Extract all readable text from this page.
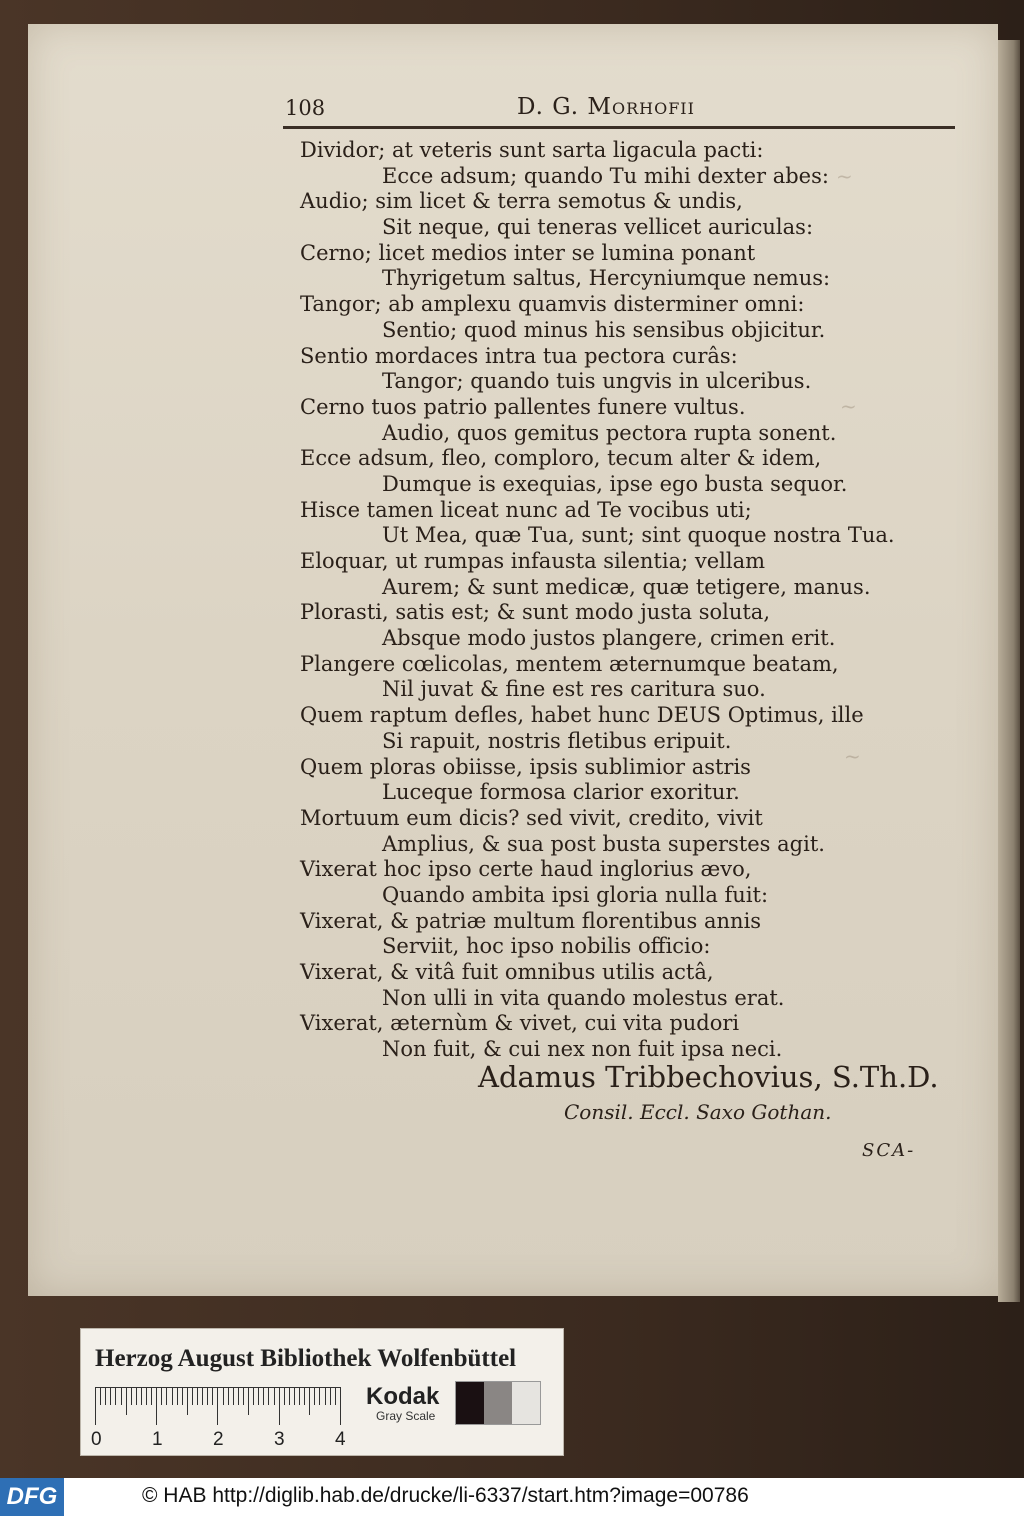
~
~
~
108	D. G. Morhofii
Dividor; at veteris sunt sarta ligacula pacti:
Ecce adsum; quando Tu mihi dexter abes:
Audio; sim licet & terra semotus & undis,
Sit neque, qui teneras vellicet auriculas:
Cerno; licet medios inter se lumina ponant
Thyrigetum saltus, Hercyniumque nemus:
Tangor; ab amplexu quamvis disterminer omni:
Sentio; quod minus his sensibus objicitur.
Sentio mordaces intra tua pectora curâs:
Tangor; quando tuis ungvis in ulceribus.
Cerno tuos patrio pallentes funere vultus.
Audio, quos gemitus pectora rupta sonent.
Ecce adsum, fleo, comploro, tecum alter & idem,
Dumque is exequias, ipse ego busta sequor.
Hisce tamen liceat nunc ad Te vocibus uti;
Ut Mea, quæ Tua, sunt; sint quoque nostra Tua.
Eloquar, ut rumpas infausta silentia; vellam
Aurem; & sunt medicæ, quæ tetigere, manus.
Plorasti, satis est; & sunt modo justa soluta,
Absque modo justos plangere, crimen erit.
Plangere cœlicolas, mentem æternumque beatam,
Nil juvat & fine est res caritura suo.
Quem raptum defles, habet hunc DEUS Optimus, ille
Si rapuit, nostris fletibus eripuit.
Quem ploras obiisse, ipsis sublimior astris
Luceque formosa clarior exoritur.
Mortuum eum dicis? sed vivit, credito, vivit
Amplius, & sua post busta superstes agit.
Vixerat hoc ipso certe haud inglorius ævo,
Quando ambita ipsi gloria nulla fuit:
Vixerat, & patriæ multum florentibus annis
Serviit, hoc ipso nobilis officio:
Vixerat, & vitâ fuit omnibus utilis actâ,
Non ulli in vita quando molestus erat.
Vixerat, æternùm & vivet, cui vita pudori
Non fuit, & cui nex non fuit ipsa neci.
Adamus Tribbechovius, S.Th.D.
Consil. Eccl. Saxo Gothan.
SCA-
Herzog August Bibliothek Wolfenbüttel
0	1	2	3	4
Kodak
Gray Scale
DFG	© HAB http://diglib.hab.de/drucke/li-6337/start.htm?image=00786
